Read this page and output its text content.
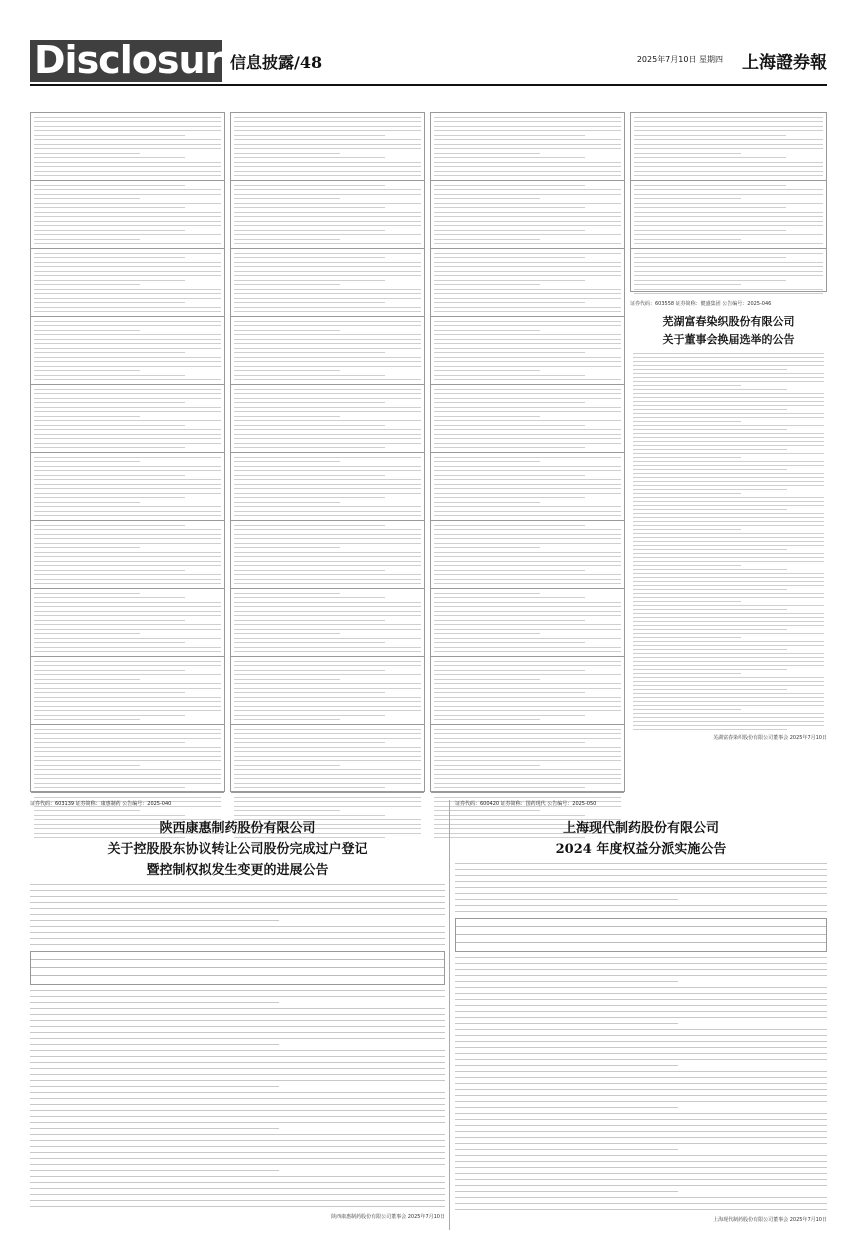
Disclosure
信息披露/48	2025年7月10日 星期四 上海證券報
证券代码：603558 证券简称：健盛集团 公告编号：2025-046
芜湖富春染织股份有限公司
关于董事会换届选举的公告
芜湖富春染织股份有限公司董事会 2025年7月10日
证券代码：603139 证券简称：康惠制药 公告编号：2025-040
陕西康惠制药股份有限公司
关于控股股东协议转让公司股份完成过户登记
暨控制权拟发生变更的进展公告
陕西康惠制药股份有限公司董事会 2025年7月10日
证券代码：600420 证券简称：国药现代 公告编号：2025-050
上海现代制药股份有限公司
2024 年度权益分派实施公告
上海现代制药股份有限公司董事会 2025年7月10日
